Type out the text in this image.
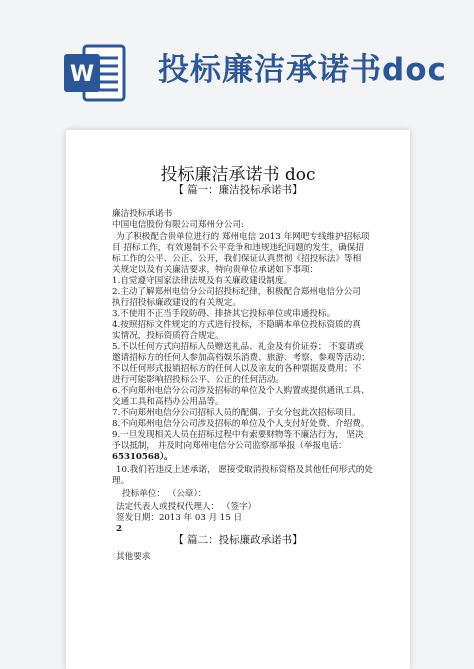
W 投标廉洁承诺书doc
投标廉洁承诺书 doc
【 篇一：廉洁投标承诺书】
廉洁投标承诺书
中国电信股份有限公司郑州分公司:
为了积极配合贵单位进行的 郑州电信 2013 年网吧专线维护招标项
目 招标工作，有效遏制不公平竞争和违规违纪问题的发生，确保招
标工作的公平、公正、公开，我们保证认真贯彻《招投标法》等相
关规定以及有关廉洁要求，特向贵单位承诺如下事项：
1.自觉遵守国家法律法规及有关廉政建设制度。
2.主动了解郑州电信分公司招投标纪律，积极配合郑州电信分公司
执行招投标廉政建设的有关规定。
3.不使用不正当手段防碍、排挤其它投标单位或串通投标。
4.按照招标文件规定的方式进行投标，不隐瞒本单位投标资质的真
实情况，投标资质符合规定。
5.不以任何方式向招标人员赠送礼品、礼金及有价证券； 不宴请或
邀请招标方的任何人参加高档娱乐消费、旅游、考察、参观等活动；
不以任何形式报销招标方的任何人以及亲友的各种票据及费用；不
进行可能影响招投标公平、公正的任何活动。
6.不向郑州电信分公司涉及招标的单位及个人购置或提供通讯工具、
交通工具和高档办公用品等。
7.不向郑州电信分公司招标人员的配偶、子女分包此次招标项目。
8.不向郑州电信分公司涉及招标的单位及个人支付好处费、介绍费。
9.一旦发现相关人员在招标过程中有索要财物等不廉洁行为， 坚决
予以抵制， 并及时向郑州电信分公司监察部举报（举报电话：
65310568）。
10.我们若违反上述承诺， 愿接受取消投标资格及其他任何形式的处
理。
投标单位： （公章）：
法定代表人或授权代理人： （签字）
签发日期：2013 年 03 月 15 日
2
【 篇二：投标廉政承诺书】
其他要求
